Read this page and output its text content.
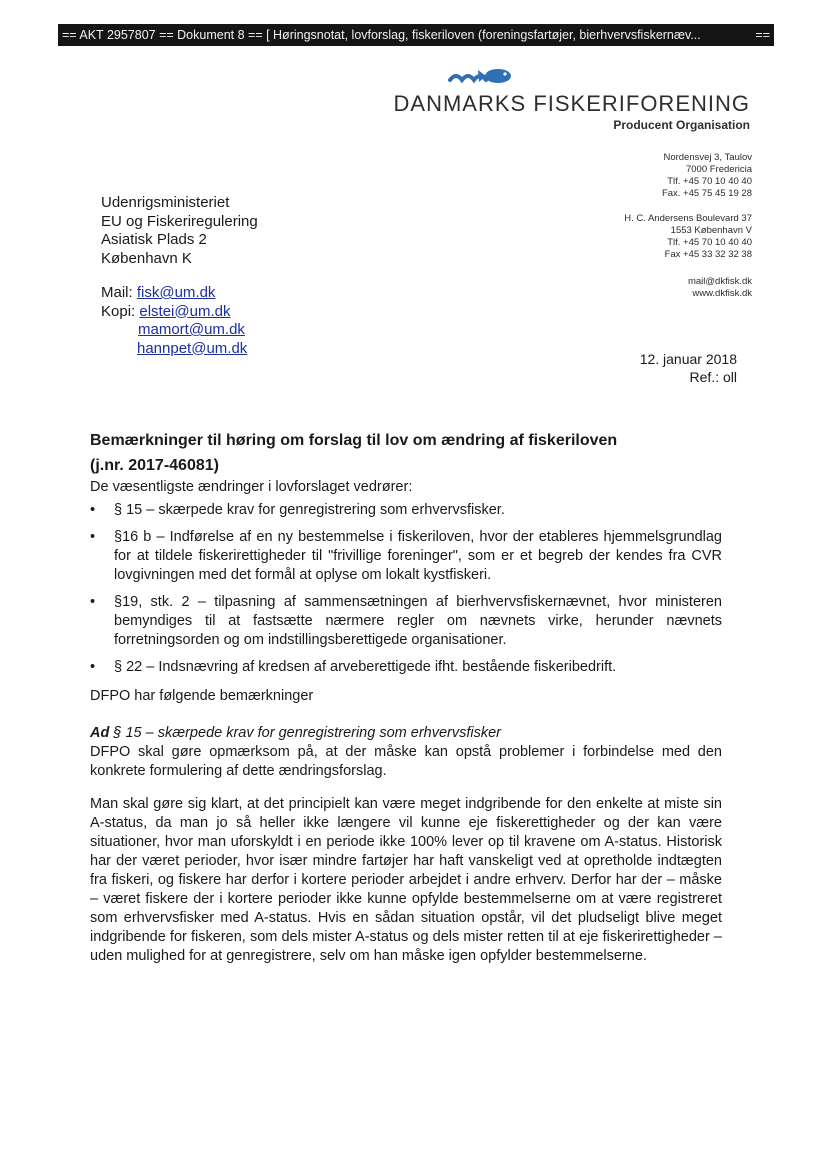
== AKT 2957807 == Dokument 8 == [ Høringsnotat, lovforslag, fiskeriloven (foreningsfartøjer, bierhvervsfiskernæv...	==
DANMARKS FISKERIFORENING
Producent Organisation
Nordensvej 3, Taulov
7000 Fredericia
Tlf. +45 70 10 40 40
Fax. +45 75 45 19 28
H. C. Andersens Boulevard 37
1553 København V
Tlf. +45 70 10 40 40
Fax +45 33 32 32 38
mail@dkfisk.dk
www.dkfisk.dk
Udenrigsministeriet
EU og Fiskeriregulering
Asiatisk Plads 2
København K
Mail: fisk@um.dk
Kopi: elstei@um.dk
mamort@um.dk
hannpet@um.dk
12. januar 2018
Ref.: oll

Bemærkninger til høring om forslag til lov om ændring af fiskeriloven
(j.nr. 2017-46081)

De væsentligste ændringer i lovforslaget vedrører:

• § 15 – skærpede krav for genregistrering som erhvervsfisker.
• §16 b – Indførelse af en ny bestemmelse i fiskeriloven, hvor der etableres hjemmelsgrundlag for at tildele fiskerirettigheder til "frivillige foreninger", som er et begreb der kendes fra CVR lovgivningen med det formål at oplyse om lokalt kystfiskeri.
• §19, stk. 2 – tilpasning af sammensætningen af bierhvervsfiskernævnet, hvor ministeren bemyndiges til at fastsætte nærmere regler om nævnets virke, herunder nævnets forretningsorden og om indstillingsberettigede organisationer.
• § 22 – Indsnævring af kredsen af arveberettigede ifht. bestående fiskeribedrift.

DFPO har følgende bemærkninger

Ad § 15 – skærpede krav for genregistrering som erhvervsfisker

DFPO skal gøre opmærksom på, at der måske kan opstå problemer i forbindelse med den konkrete formulering af dette ændringsforslag.

Man skal gøre sig klart, at det principielt kan være meget indgribende for den enkelte at miste sin A-status, da man jo så heller ikke længere vil kunne eje fiskerettigheder og der kan være situationer, hvor man uforskyldt i en periode ikke 100% lever op til kravene om A-status. Historisk har der været perioder, hvor især mindre fartøjer har haft vanskeligt ved at opretholde indtægten fra fiskeri, og fiskere har derfor i kortere perioder arbejdet i andre erhverv. Derfor har der – måske – været fiskere der i kortere perioder ikke kunne opfylde bestemmelserne om at være registreret som erhvervsfisker med A-status. Hvis en sådan situation opstår, vil det pludseligt blive meget indgribende for fiskeren, som dels mister A-status og dels mister retten til at eje fiskerirettigheder – uden mulighed for at genregistrere, selv om han måske igen opfylder bestemmelserne.
